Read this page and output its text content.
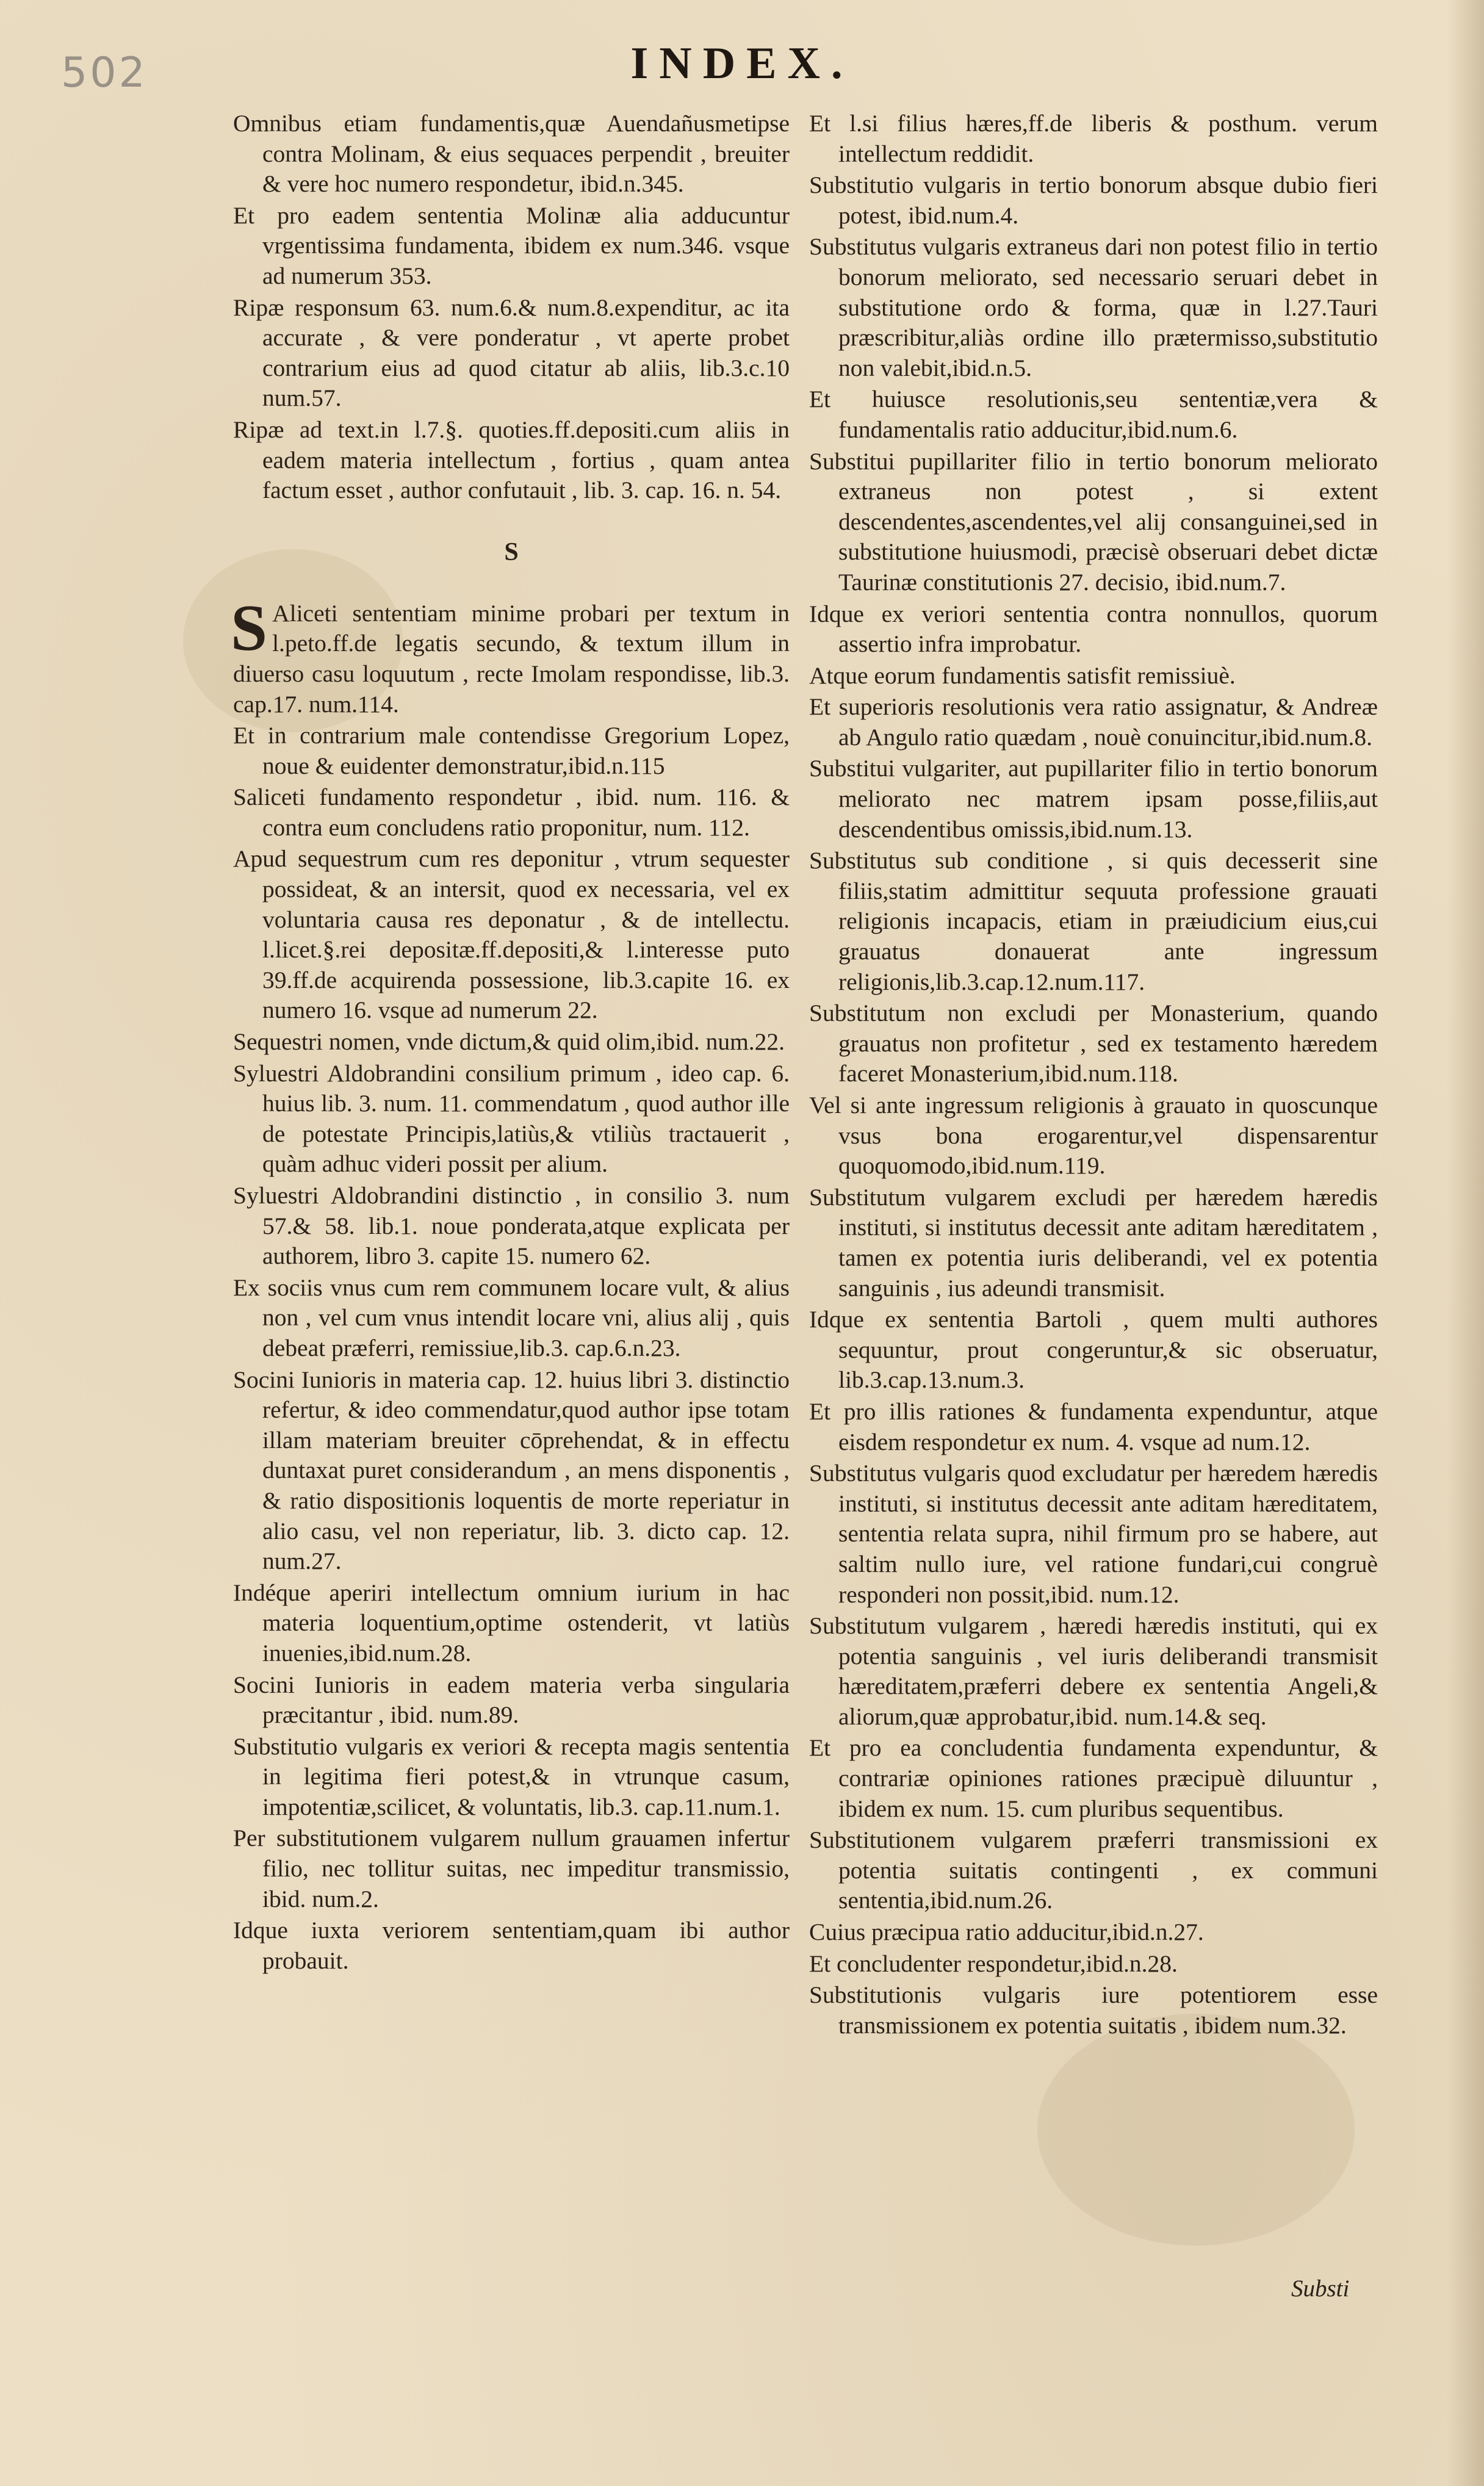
502	INDEX.

Omnibus etiam fundamentis,quæ Auendañusmetipse contra Molinam, & eius sequaces perpendit , breuiter & vere hoc numero respondetur, ibid.n.345.

Et pro eadem sententia Molinæ alia adducuntur vrgentissima fundamenta, ibidem ex num.346. vsque ad numerum 353.

Ripæ responsum 63. num.6.& num.8.expenditur, ac ita accurate , & vere ponderatur , vt aperte probet contrarium eius ad quod citatur ab aliis, lib.3.c.10 num.57.

Ripæ ad text.in l.7.§. quoties.ff.depositi.cum aliis in eadem materia intellectum , fortius , quam antea factum esset , author confutauit , lib. 3. cap. 16. n. 54.

S

S Aliceti sententiam minime probari per textum in l.peto.ff.de legatis secundo, & textum illum in diuerso casu loquutum , recte Imolam respondisse, lib.3. cap.17. num.114.

Et in contrarium male contendisse Gregorium Lopez, noue & euidenter demonstratur,ibid.n.115

Saliceti fundamento respondetur , ibid. num. 116. & contra eum concludens ratio proponitur, num. 112.

Apud sequestrum cum res deponitur , vtrum sequester possideat, & an intersit, quod ex necessaria, vel ex voluntaria causa res deponatur , & de intellectu. l.licet.§.rei depositæ.ff.depositi,& l.interesse puto 39.ff.de acquirenda possessione, lib.3.capite 16. ex numero 16. vsque ad numerum 22.

Sequestri nomen, vnde dictum,& quid olim,ibid. num.22.

Syluestri Aldobrandini consilium primum , ideo cap. 6. huius lib. 3. num. 11. commendatum , quod author ille de potestate Principis,latiùs,& vtiliùs tractauerit , quàm adhuc videri possit per alium.

Syluestri Aldobrandini distinctio , in consilio 3. num 57.& 58. lib.1. noue ponderata,atque explicata per authorem, libro 3. capite 15. numero 62.

Ex sociis vnus cum rem communem locare vult, & alius non , vel cum vnus intendit locare vni, alius alij , quis debeat præferri, remissiue,lib.3. cap.6.n.23.

Socini Iunioris in materia cap. 12. huius libri 3. distinctio refertur, & ideo commendatur,quod author ipse totam illam materiam breuiter cōprehendat, & in effectu duntaxat puret considerandum , an mens disponentis , & ratio dispositionis loquentis de morte reperiatur in alio casu, vel non reperiatur, lib. 3. dicto cap. 12. num.27.

Indéque aperiri intellectum omnium iurium in hac materia loquentium,optime ostenderit, vt latiùs inuenies,ibid.num.28.

Socini Iunioris in eadem materia verba singularia præcitantur , ibid. num.89.

Substitutio vulgaris ex veriori & recepta magis sententia in legitima fieri potest,& in vtrunque casum, impotentiæ,scilicet, & voluntatis, lib.3. cap.11.num.1.

Per substitutionem vulgarem nullum grauamen infertur filio, nec tollitur suitas, nec impeditur transmissio, ibid. num.2.

Idque iuxta veriorem sententiam,quam ibi author probauit.

Et l.si filius hæres,ff.de liberis & posthum. verum intellectum reddidit.

Substitutio vulgaris in tertio bonorum absque dubio fieri potest, ibid.num.4.

Substitutus vulgaris extraneus dari non potest filio in tertio bonorum meliorato, sed necessario seruari debet in substitutione ordo & forma, quæ in l.27.Tauri præscribitur,aliàs ordine illo prætermisso,substitutio non valebit,ibid.n.5.

Et huiusce resolutionis,seu sententiæ,vera & fundamentalis ratio adducitur,ibid.num.6.

Substitui pupillariter filio in tertio bonorum meliorato extraneus non potest , si extent descendentes,ascendentes,vel alij consanguinei,sed in substitutione huiusmodi, præcisè obseruari debet dictæ Taurinæ constitutionis 27. decisio, ibid.num.7.

Idque ex veriori sententia contra nonnullos, quorum assertio infra improbatur.

Atque eorum fundamentis satisfit remissiuè.

Et superioris resolutionis vera ratio assignatur, & Andreæ ab Angulo ratio quædam , nouè conuincitur,ibid.num.8.

Substitui vulgariter, aut pupillariter filio in tertio bonorum meliorato nec matrem ipsam posse,filiis,aut descendentibus omissis,ibid.num.13.

Substitutus sub conditione , si quis decesserit sine filiis,statim admittitur sequuta professione grauati religionis incapacis, etiam in præiudicium eius,cui grauatus donauerat ante ingressum religionis,lib.3.cap.12.num.117.

Substitutum non excludi per Monasterium, quando grauatus non profitetur , sed ex testamento hæredem faceret Monasterium,ibid.num.118.

Vel si ante ingressum religionis à grauato in quoscunque vsus bona erogarentur,vel dispensarentur quoquomodo,ibid.num.119.

Substitutum vulgarem excludi per hæredem hæredis instituti, si institutus decessit ante aditam hæreditatem , tamen ex potentia iuris deliberandi, vel ex potentia sanguinis , ius adeundi transmisit.

Idque ex sententia Bartoli , quem multi authores sequuntur, prout congeruntur,& sic obseruatur, lib.3.cap.13.num.3.

Et pro illis rationes & fundamenta expenduntur, atque eisdem respondetur ex num. 4. vsque ad num.12.

Substitutus vulgaris quod excludatur per hæredem hæredis instituti, si institutus decessit ante aditam hæreditatem, sententia relata supra, nihil firmum pro se habere, aut saltim nullo iure, vel ratione fundari,cui congruè responderi non possit,ibid. num.12.

Substitutum vulgarem , hæredi hæredis instituti, qui ex potentia sanguinis , vel iuris deliberandi transmisit hæreditatem,præferri debere ex sententia Angeli,& aliorum,quæ approbatur,ibid. num.14.& seq.

Et pro ea concludentia fundamenta expenduntur, & contrariæ opiniones rationes præcipuè diluuntur , ibidem ex num. 15. cum pluribus sequentibus.

Substitutionem vulgarem præferri transmissioni ex potentia suitatis contingenti , ex communi sententia,ibid.num.26.

Cuius præcipua ratio adducitur,ibid.n.27.

Et concludenter respondetur,ibid.n.28.

Substitutionis vulgaris iure potentiorem esse transmissionem ex potentia suitatis , ibidem num.32.

Substi
